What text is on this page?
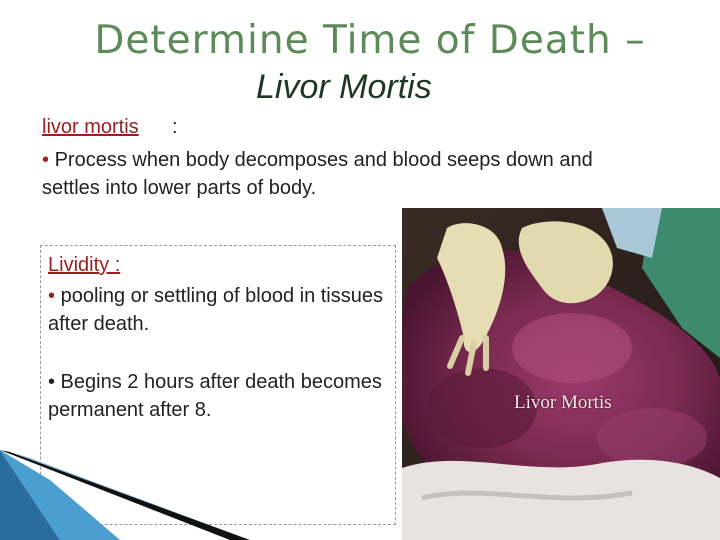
Determine Time of Death –
Livor Mortis
livor mortis :
• Process when body decomposes and blood seeps down and settles into lower parts of body.
Lividity :
• pooling or settling of blood in tissues after death.
• Begins 2 hours after death becomes permanent after 8.	Livor Mortis
